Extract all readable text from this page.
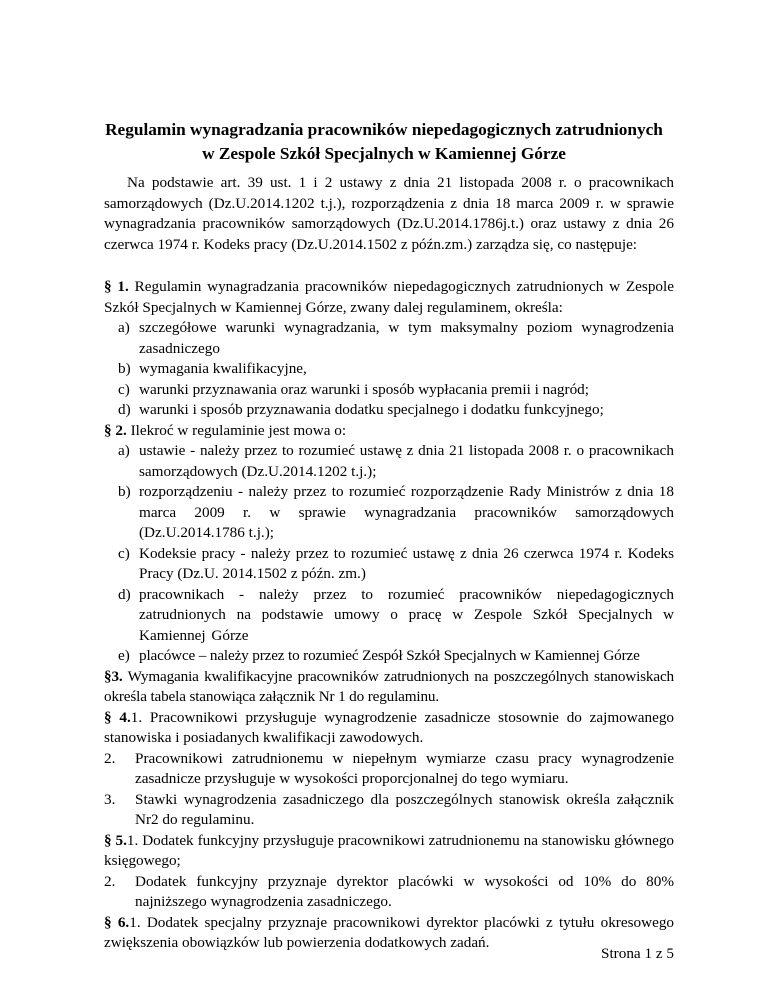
Regulamin wynagradzania pracowników niepedagogicznych zatrudnionych
w Zespole Szkół Specjalnych w Kamiennej Górze

Na podstawie art. 39 ust. 1 i 2 ustawy z dnia 21 listopada 2008 r. o pracownikach samorządowych (Dz.U.2014.1202 t.j.), rozporządzenia z dnia 18 marca 2009 r. w sprawie wynagradzania pracowników samorządowych (Dz.U.2014.1786j.t.) oraz ustawy z dnia 26 czerwca 1974 r. Kodeks pracy (Dz.U.2014.1502 z późn.zm.) zarządza się, co następuje:

§ 1. Regulamin wynagradzania pracowników niepedagogicznych zatrudnionych w Zespole Szkół Specjalnych w Kamiennej Górze, zwany dalej regulaminem, określa:

a) szczegółowe warunki wynagradzania, w tym maksymalny poziom wynagrodzenia zasadniczego
b) wymagania kwalifikacyjne,
c) warunki przyznawania oraz warunki i sposób wypłacania premii i nagród;
d) warunki i sposób przyznawania dodatku specjalnego i dodatku funkcyjnego;

§ 2. Ilekroć w regulaminie jest mowa o:

a) ustawie - należy przez to rozumieć ustawę z dnia 21 listopada 2008 r. o pracownikach samorządowych (Dz.U.2014.1202 t.j.);
b) rozporządzeniu - należy przez to rozumieć rozporządzenie Rady Ministrów z dnia 18 marca 2009 r. w sprawie wynagradzania pracowników samorządowych (Dz.U.2014.1786 t.j.);
c) Kodeksie pracy - należy przez to rozumieć ustawę z dnia 26 czerwca 1974 r. Kodeks Pracy (Dz.U. 2014.1502 z późn. zm.)
d) pracownikach - należy przez to rozumieć pracowników niepedagogicznych zatrudnionych na podstawie umowy o pracę w Zespole Szkół Specjalnych w Kamiennej Górze
e) placówce – należy przez to rozumieć Zespół Szkół Specjalnych w Kamiennej Górze

§3. Wymagania kwalifikacyjne pracowników zatrudnionych na poszczególnych stanowiskach określa tabela stanowiąca załącznik Nr 1 do regulaminu.

§ 4.1. Pracownikowi przysługuje wynagrodzenie zasadnicze stosownie do zajmowanego stanowiska i posiadanych kwalifikacji zawodowych.

2.	Pracownikowi zatrudnionemu w niepełnym wymiarze czasu pracy wynagrodzenie zasadnicze przysługuje w wysokości proporcjonalnej do tego wymiaru.
3.	Stawki wynagrodzenia zasadniczego dla poszczególnych stanowisk określa załącznik Nr2 do regulaminu.

§ 5.1. Dodatek funkcyjny przysługuje pracownikowi zatrudnionemu na stanowisku głównego księgowego;

2.	Dodatek funkcyjny przyznaje dyrektor placówki w wysokości od 10% do 80% najniższego wynagrodzenia zasadniczego.

§ 6.1. Dodatek specjalny przyznaje pracownikowi dyrektor placówki z tytułu okresowego zwiększenia obowiązków lub powierzenia dodatkowych zadań.

Strona 1 z 5
